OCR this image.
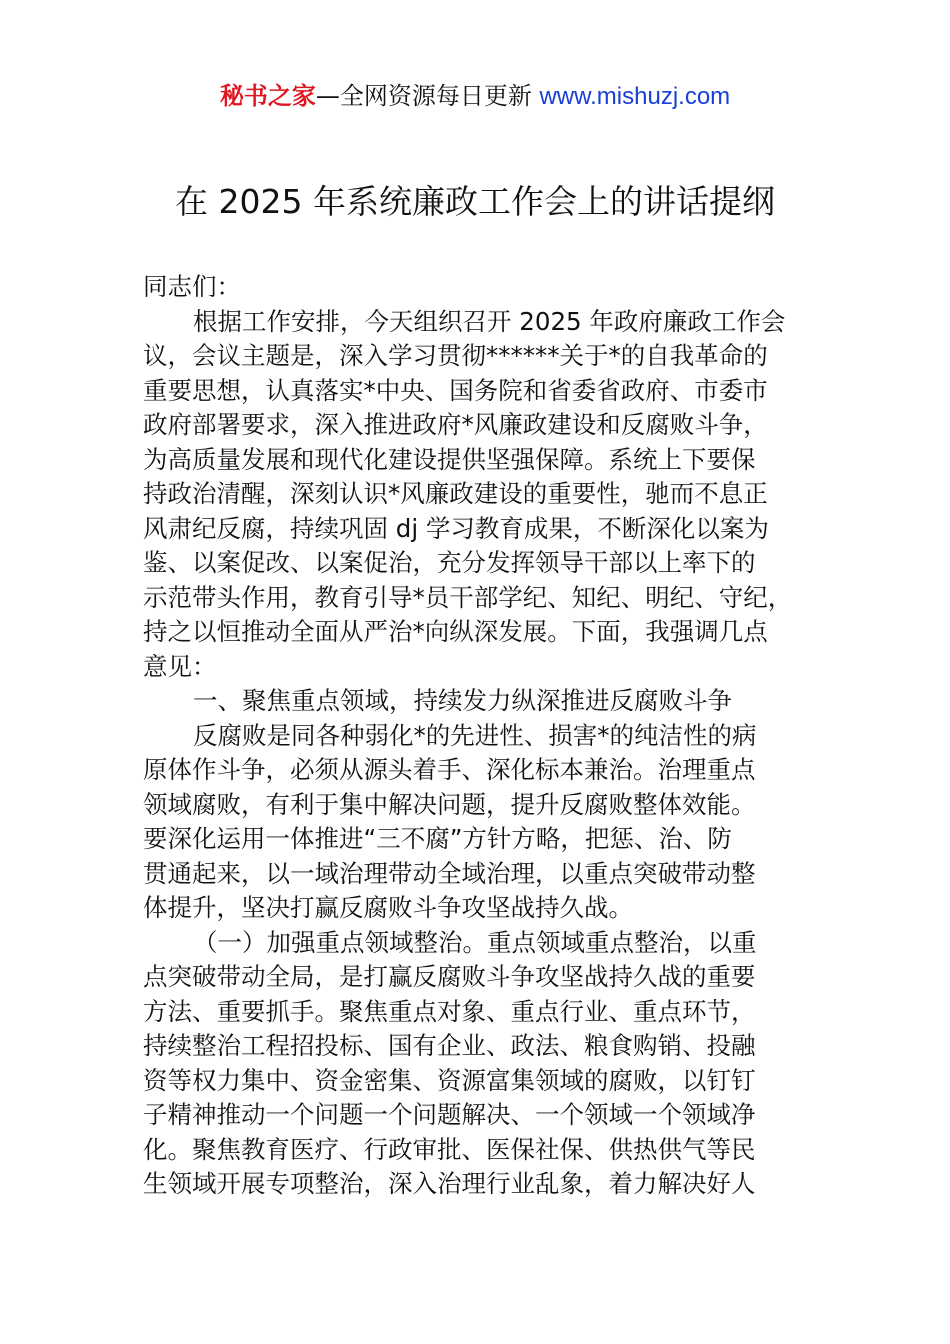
秘书之家—全网资源每日更新 www.mishuzj.com
在 2025 年系统廉政工作会上的讲话提纲
同志们：
根据工作安排，今天组织召开 2025 年政府廉政工作会
议，会议主题是，深入学习贯彻******关于*的自我革命的
重要思想，认真落实*中央、国务院和省委省政府、市委市
政府部署要求，深入推进政府*风廉政建设和反腐败斗争，
为高质量发展和现代化建设提供坚强保障。系统上下要保
持政治清醒，深刻认识*风廉政建设的重要性，驰而不息正
风肃纪反腐，持续巩固 dj 学习教育成果，不断深化以案为
鉴、以案促改、以案促治，充分发挥领导干部以上率下的
示范带头作用，教育引导*员干部学纪、知纪、明纪、守纪，
持之以恒推动全面从严治*向纵深发展。下面，我强调几点
意见：
一、聚焦重点领域，持续发力纵深推进反腐败斗争
反腐败是同各种弱化*的先进性、损害*的纯洁性的病
原体作斗争，必须从源头着手、深化标本兼治。治理重点
领域腐败，有利于集中解决问题，提升反腐败整体效能。
要深化运用一体推进“三不腐”方针方略，把惩、治、防
贯通起来，以一域治理带动全域治理，以重点突破带动整
体提升，坚决打赢反腐败斗争攻坚战持久战。
（一）加强重点领域整治。重点领域重点整治，以重
点突破带动全局，是打赢反腐败斗争攻坚战持久战的重要
方法、重要抓手。聚焦重点对象、重点行业、重点环节，
持续整治工程招投标、国有企业、政法、粮食购销、投融
资等权力集中、资金密集、资源富集领域的腐败，以钉钉
子精神推动一个问题一个问题解决、一个领域一个领域净
化。聚焦教育医疗、行政审批、医保社保、供热供气等民
生领域开展专项整治，深入治理行业乱象，着力解决好人
